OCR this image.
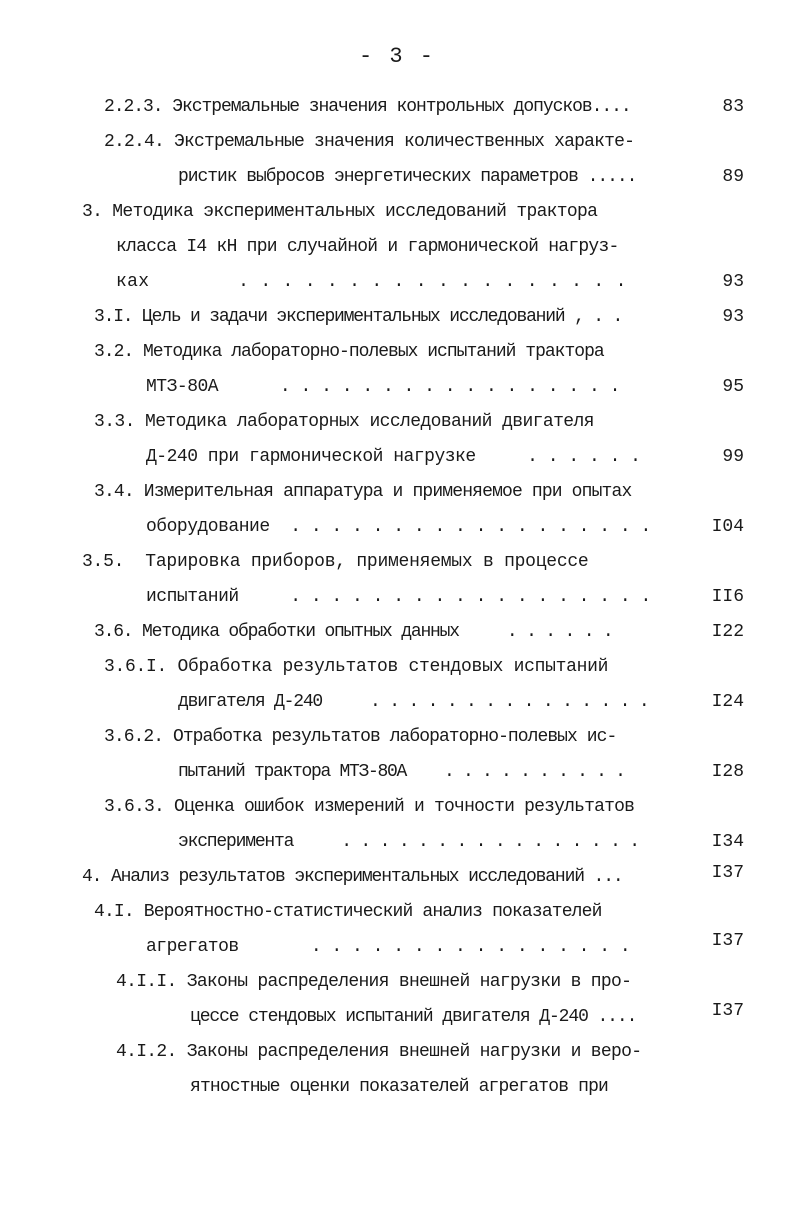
- 3 -
2.2.3. Экстремальные значения контрольных допусков....	83
2.2.4. Экстремальные значения количественных характе-
ристик выбросов энергетических параметров .....	89
3. Методика экспериментальных исследований трактора
класса I4 кН при случайной и гармонической нагруз-
ках        . . . . . . . . . . . . . . . . . .	93
3.I. Цель и задачи экспериментальных исследований , . .	93
3.2. Методика лабораторно-полевых испытаний трактора
МТЗ-80А      . . . . . . . . . . . . . . . . .	95
3.3. Методика лабораторных исследований двигателя
Д-240 при гармонической нагрузке     . . . . . .	99
3.4. Измерительная аппаратура и применяемое при опытах
оборудование  . . . . . . . . . . . . . . . . . .	I04
3.5.  Тарировка приборов, применяемых в процессе
испытаний     . . . . . . . . . . . . . . . . . .	II6
3.6. Методика обработки опытных данных     . . . . . .	I22
3.6.I. Обработка результатов стендовых испытаний
двигателя Д-240     . . . . . . . . . . . . . . .	I24
3.6.2. Отработка результатов лабораторно-полевых ис-
пытаний трактора МТЗ-80А    . . . . . . . . . .	I28
3.6.3. Оценка ошибок измерений и точности результатов
эксперимента     . . . . . . . . . . . . . . . .	I34
4. Анализ результатов экспериментальных исследований ...	I37
4.I. Вероятностно-статистический анализ показателей
агрегатов       . . . . . . . . . . . . . . . .	I37
4.I.I. Законы распределения внешней нагрузки в про-
цессе стендовых испытаний двигателя Д-240 ....	I37
4.I.2. Законы распределения внешней нагрузки и веро-
ятностные оценки показателей агрегатов при
